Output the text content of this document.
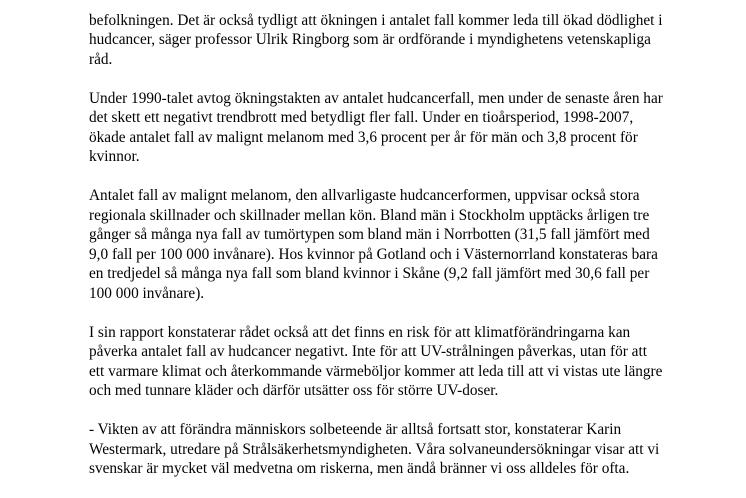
befolkningen. Det är också tydligt att ökningen i antalet fall kommer leda till ökad dödlighet i
hudcancer, säger professor Ulrik Ringborg som är ordförande i myndighetens vetenskapliga
råd.

Under 1990-talet avtog ökningstakten av antalet hudcancerfall, men under de senaste åren har
det skett ett negativt trendbrott med betydligt fler fall. Under en tioårsperiod, 1998-2007,
ökade antalet fall av malignt melanom med 3,6 procent per år för män och 3,8 procent för
kvinnor.

Antalet fall av malignt melanom, den allvarligaste hudcancerformen, uppvisar också stora
regionala skillnader och skillnader mellan kön. Bland män i Stockholm upptäcks årligen tre
gånger så många nya fall av tumörtypen som bland män i Norrbotten (31,5 fall jämfört med
9,0 fall per 100 000 invånare). Hos kvinnor på Gotland och i Västernorrland konstateras bara
en tredjedel så många nya fall som bland kvinnor i Skåne (9,2 fall jämfört med 30,6 fall per
100 000 invånare).

I sin rapport konstaterar rådet också att det finns en risk för att klimatförändringarna kan
påverka antalet fall av hudcancer negativt. Inte för att UV-strålningen påverkas, utan för att
ett varmare klimat och återkommande värmeböljor kommer att leda till att vi vistas ute längre
och med tunnare kläder och därför utsätter oss för större UV-doser.

- Vikten av att förändra människors solbeteende är alltså fortsatt stor, konstaterar Karin
Westermark, utredare på Strålsäkerhetsmyndigheten. Våra solvaneundersökningar visar att vi
svenskar är mycket väl medvetna om riskerna, men ändå bränner vi oss alldeles för ofta.
